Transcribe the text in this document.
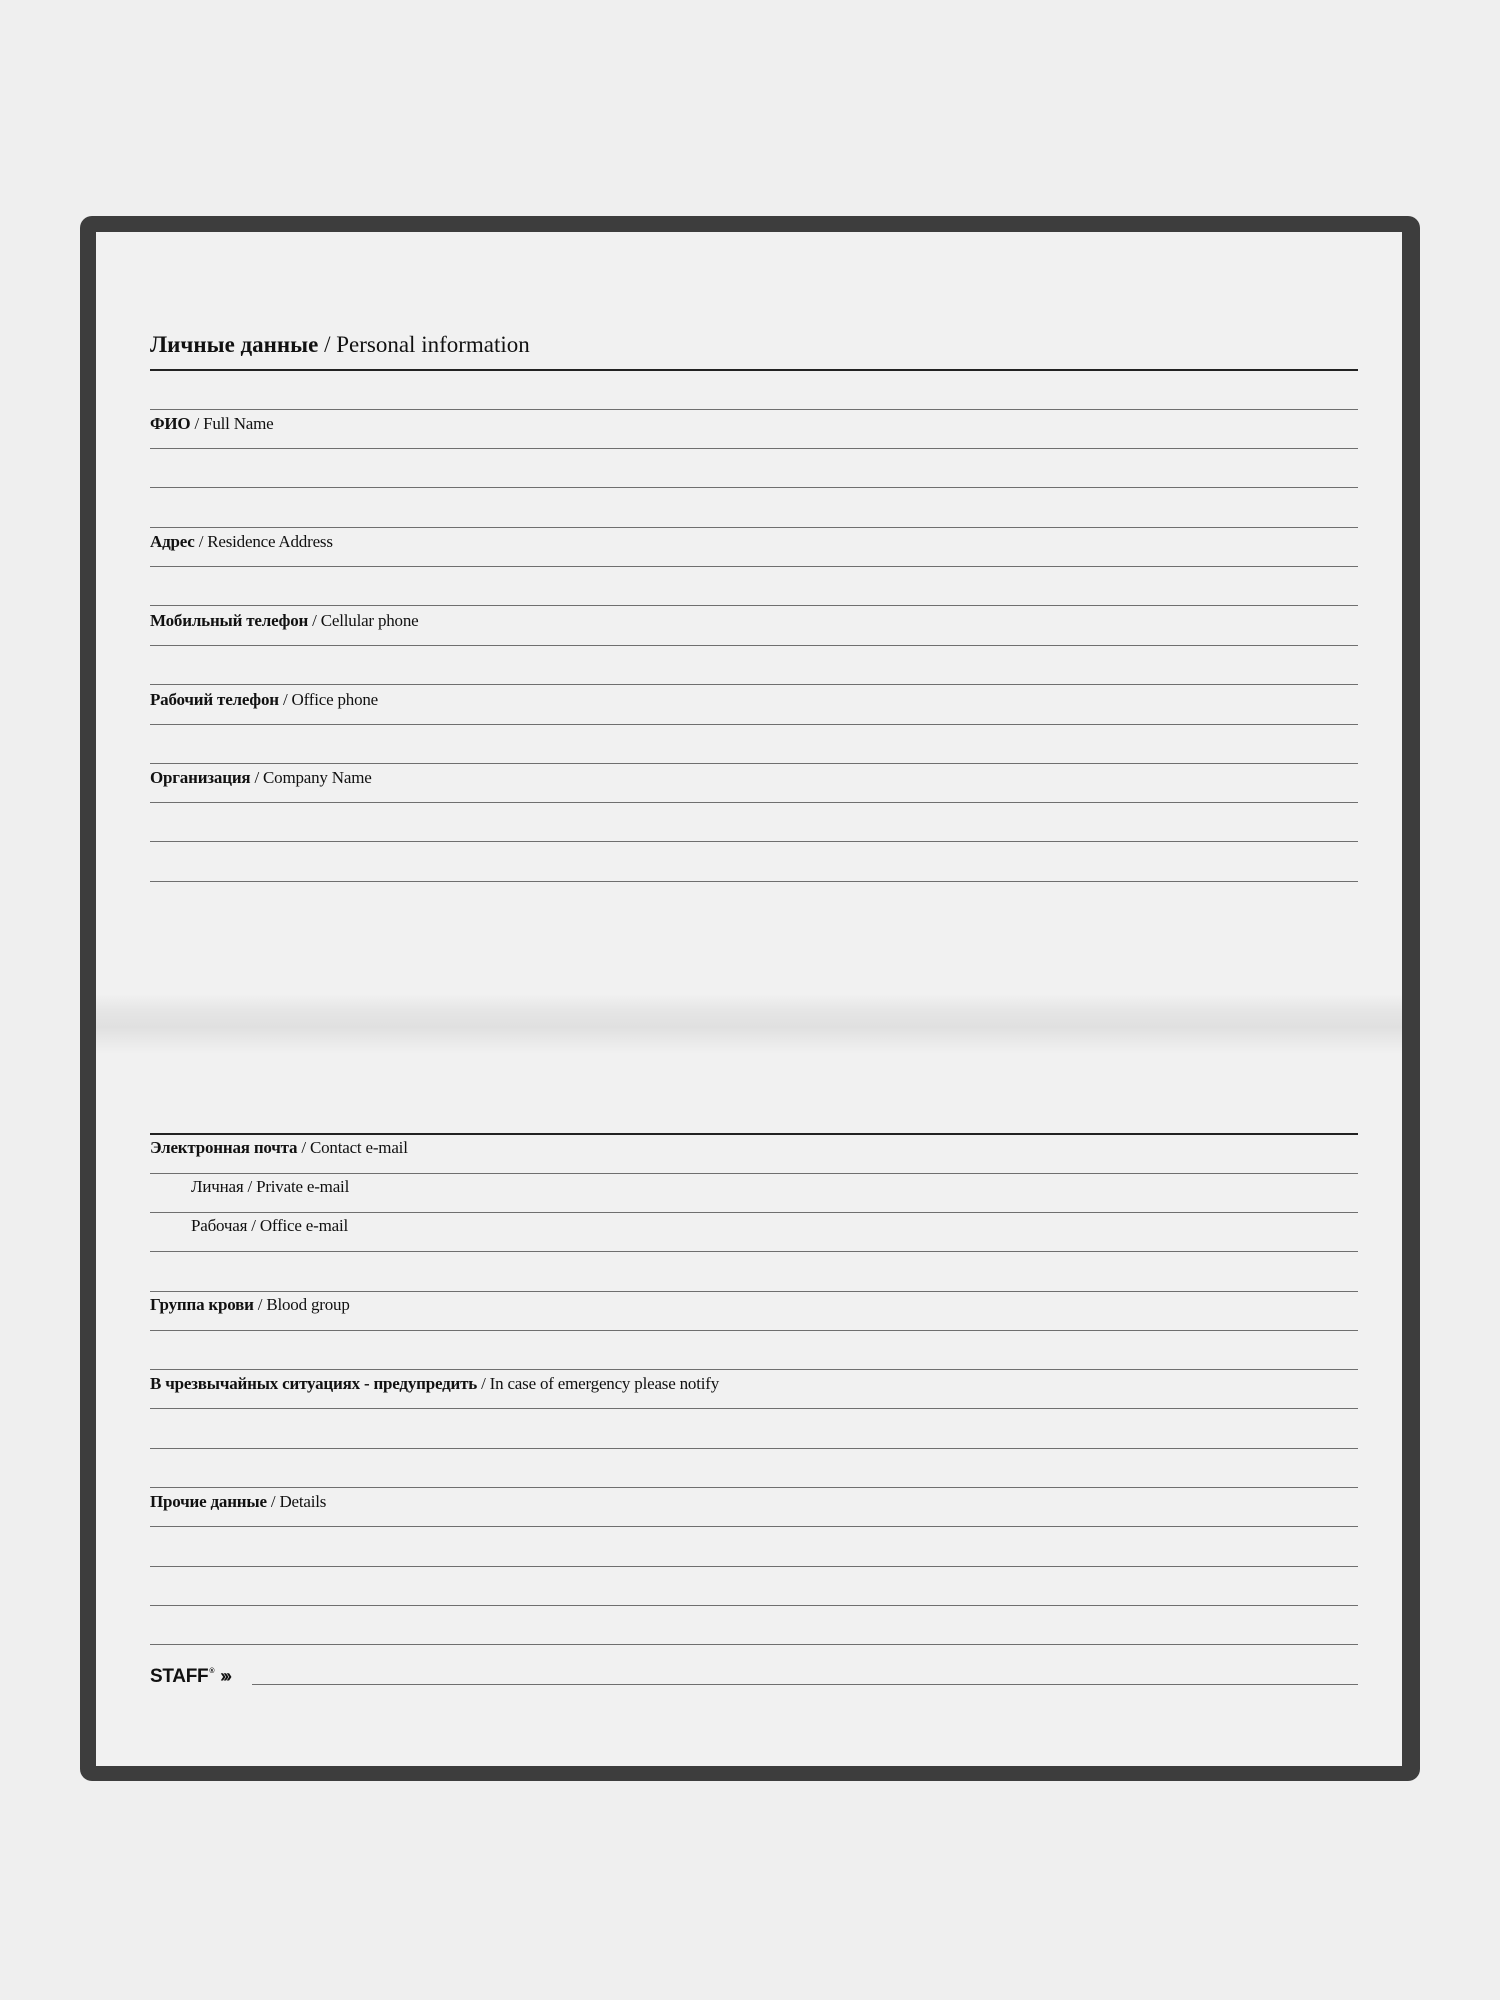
Личные данные / Personal information
ФИО / Full Name
Адрес / Residence Address
Мобильный телефон / Cellular phone
Рабочий телефон / Office phone
Организация / Company Name
Электронная почта / Contact e-mail
Личная / Private e-mail
Рабочая / Office e-mail
Группа крови / Blood group
В чрезвычайных ситуациях - предупредить / In case of emergency please notify
Прочие данные / Details
STAFF® ›››
